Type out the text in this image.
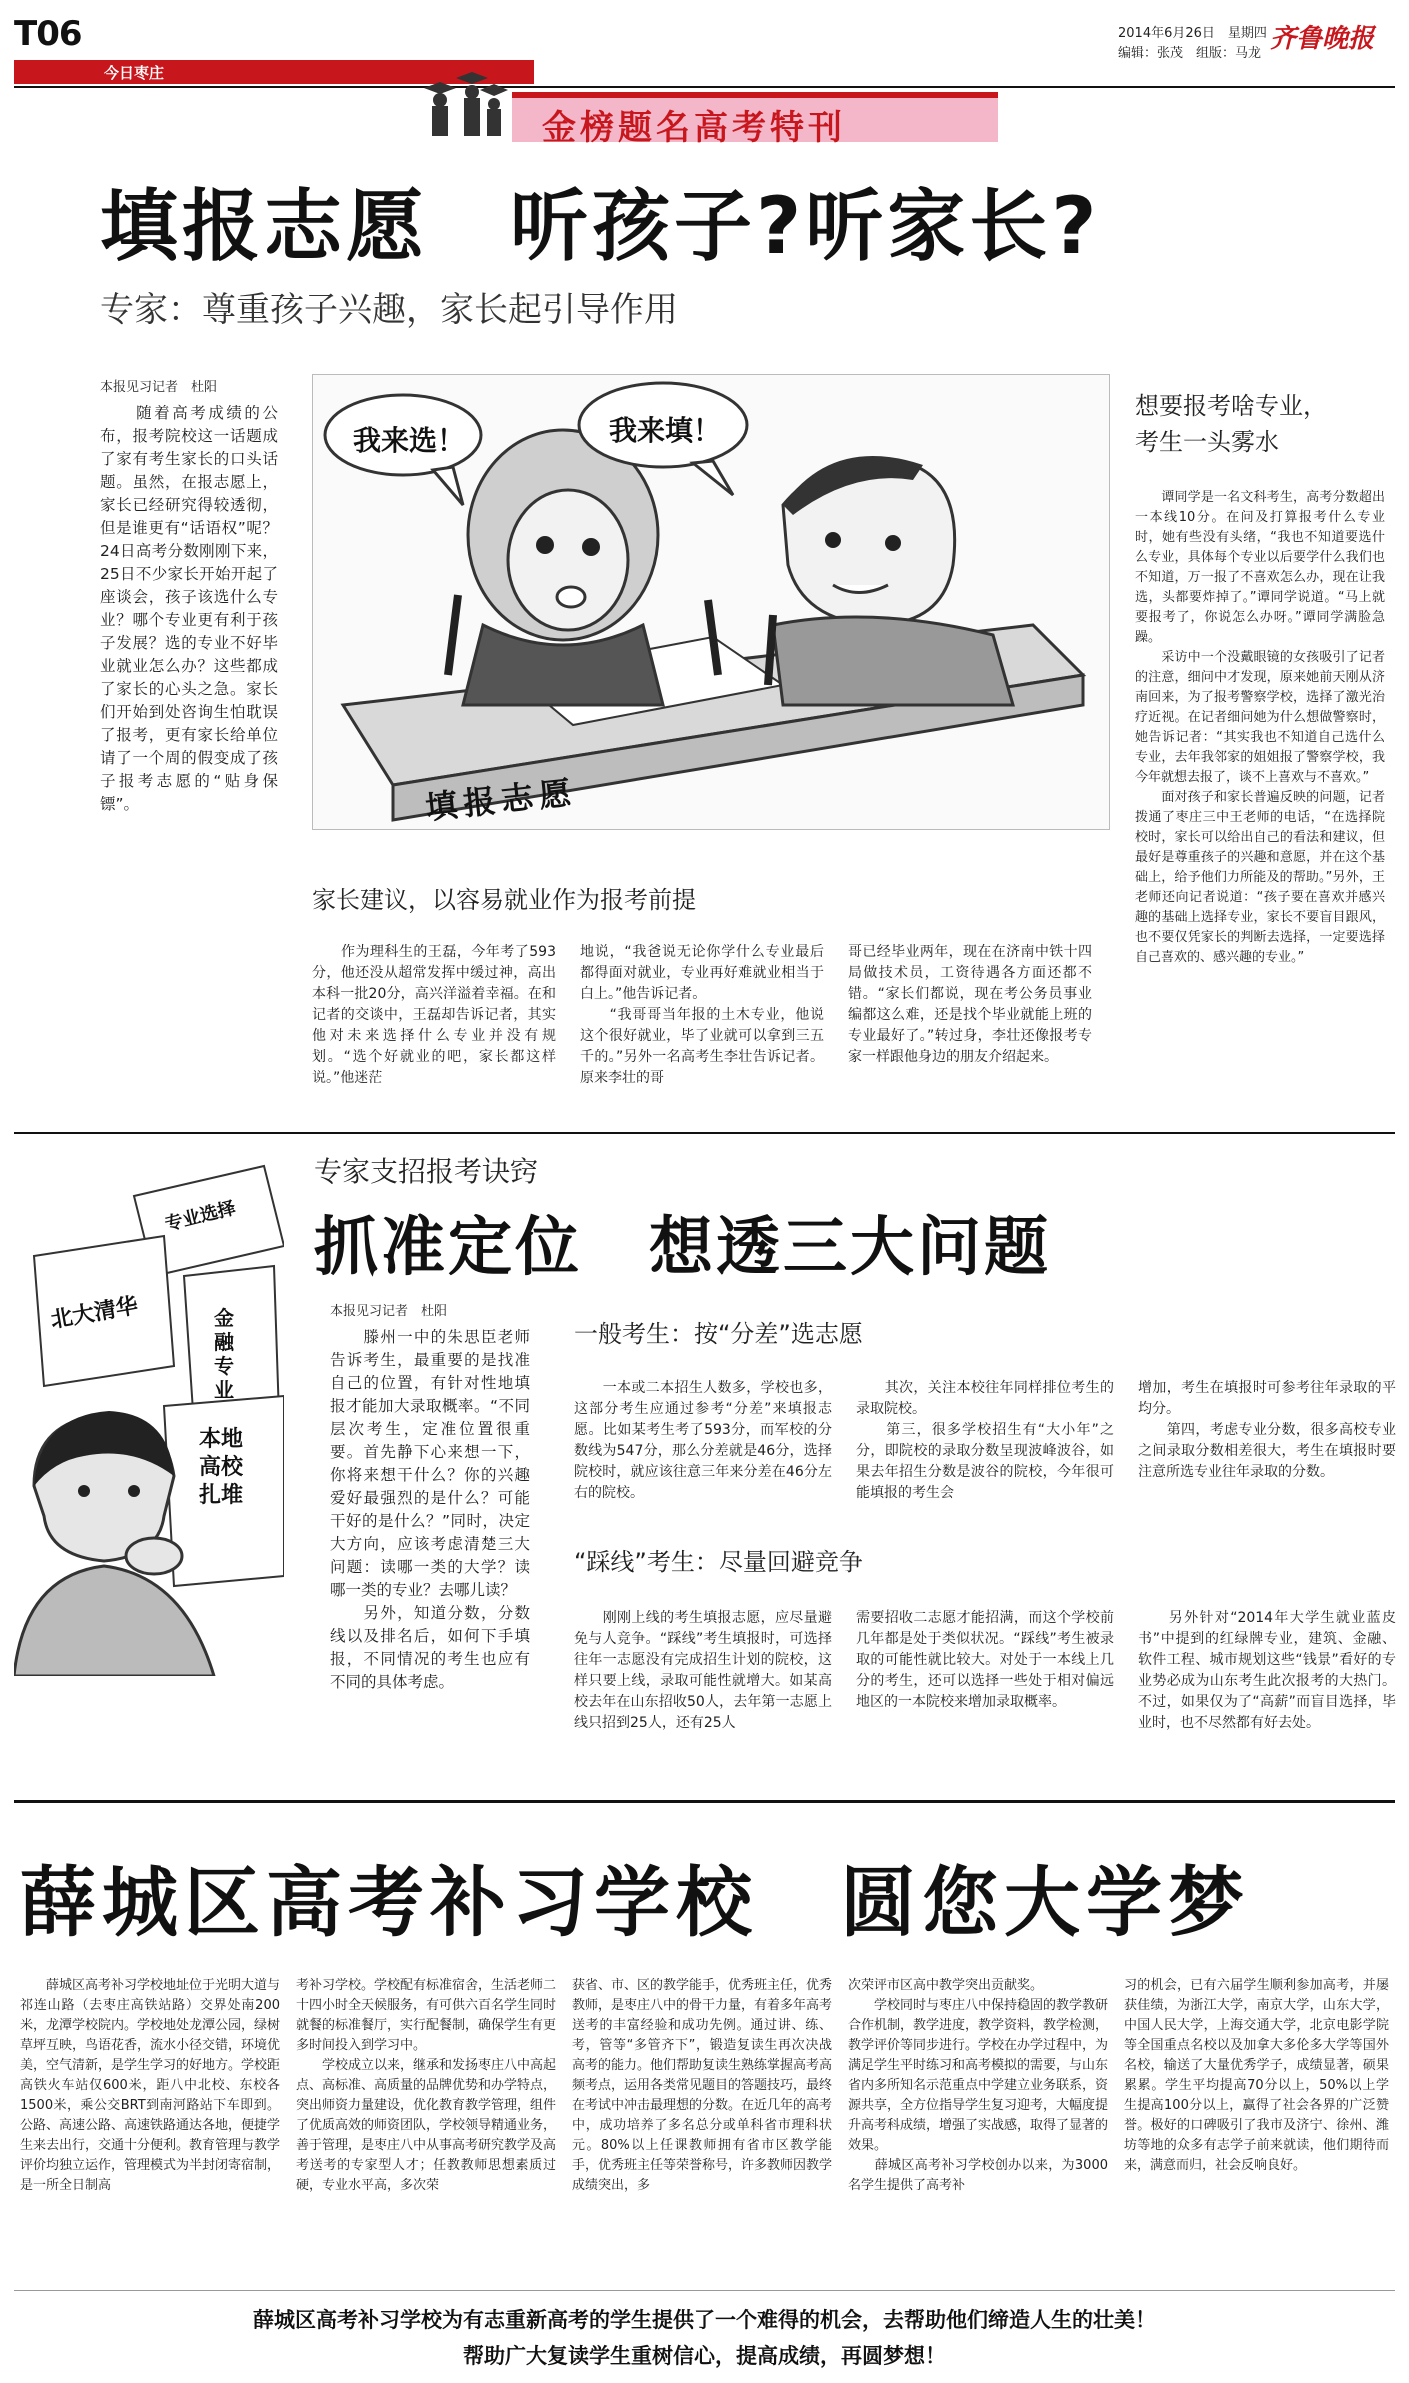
T06
今日枣庄
2014年6月26日　星期四
编辑：张茂　组版：马龙 齐鲁晚报
金榜题名高考特刊
填报志愿　听孩子?听家长?
专家：尊重孩子兴趣，家长起引导作用
本报见习记者　杜阳
　　随着高考成绩的公布，报考院校这一话题成了家有考生家长的口头话题。虽然，在报志愿上，家长已经研究得较透彻，但是谁更有“话语权”呢？24日高考分数刚刚下来，25日不少家长开始开起了座谈会，孩子该选什么专业？哪个专业更有利于孩子发展？选的专业不好毕业就业怎么办？这些都成了家长的心头之急。家长们开始到处咨询生怕耽误了报考，更有家长给单位请了一个周的假变成了孩子报考志愿的“贴身保镖”。
我来选！	我来填！
填报志愿
家长建议，以容易就业作为报考前提
　　作为理科生的王磊，今年考了593分，他还没从超常发挥中缓过神，高出本科一批20分，高兴洋溢着幸福。在和记者的交谈中，王磊却告诉记者，其实他对未来选择什么专业并没有规划。“选个好就业的吧，家长都这样说。”他迷茫
地说，“我爸说无论你学什么专业最后都得面对就业，专业再好难就业相当于白上。”他告诉记者。
　　“我哥哥当年报的土木专业，他说这个很好就业，毕了业就可以拿到三五千的。”另外一名高考生李壮告诉记者。原来李壮的哥
哥已经毕业两年，现在在济南中铁十四局做技术员，工资待遇各方面还都不错。“家长们都说，现在考公务员事业编都这么难，还是找个毕业就能上班的专业最好了。”转过身，李壮还像报考专家一样跟他身边的朋友介绍起来。
想要报考啥专业，
考生一头雾水
　　谭同学是一名文科考生，高考分数超出一本线10分。在问及打算报考什么专业时，她有些没有头绪，“我也不知道要选什么专业，具体每个专业以后要学什么我们也不知道，万一报了不喜欢怎么办，现在让我选，头都要炸掉了。”谭同学说道。“马上就要报考了，你说怎么办呀。”谭同学满脸急躁。
　　采访中一个没戴眼镜的女孩吸引了记者的注意，细问中才发现，原来她前天刚从济南回来，为了报考警察学校，选择了激光治疗近视。在记者细问她为什么想做警察时，她告诉记者：“其实我也不知道自己选什么专业，去年我邻家的姐姐报了警察学校，我今年就想去报了，谈不上喜欢与不喜欢。”
　　面对孩子和家长普遍反映的问题，记者拨通了枣庄三中王老师的电话，“在选择院校时，家长可以给出自己的看法和建议，但最好是尊重孩子的兴趣和意愿，并在这个基础上，给予他们力所能及的帮助。”另外，王老师还向记者说道：“孩子要在喜欢并感兴趣的基础上选择专业，家长不要盲目跟风，也不要仅凭家长的判断去选择，一定要选择自己喜欢的、感兴趣的专业。”
专业选择
北大清华	金融专业
本地高校扎堆
专家支招报考诀窍
抓准定位　想透三大问题
本报见习记者　杜阳
　　滕州一中的朱思臣老师告诉考生，最重要的是找准自己的位置，有针对性地填报才能加大录取概率。“不同层次考生，定准位置很重要。首先静下心来想一下，你将来想干什么？你的兴趣爱好最强烈的是什么？可能干好的是什么？”同时，决定大方向，应该考虑清楚三大问题：读哪一类的大学？读哪一类的专业？去哪儿读？
　　另外，知道分数，分数线以及排名后，如何下手填报，不同情况的考生也应有不同的具体考虑。
一般考生：按“分差”选志愿
　　一本或二本招生人数多，学校也多，这部分考生应通过参考“分差”来填报志愿。比如某考生考了593分，而军校的分数线为547分，那么分差就是46分，选择院校时，就应该往意三年来分差在46分左右的院校。
　　其次，关注本校往年同样排位考生的录取院校。
　　第三，很多学校招生有“大小年”之分，即院校的录取分数呈现波峰波谷，如果去年招生分数是波谷的院校，今年很可能填报的考生会
增加，考生在填报时可参考往年录取的平均分。
　　第四，考虑专业分数，很多高校专业之间录取分数相差很大，考生在填报时要注意所选专业往年录取的分数。
“踩线”考生：尽量回避竞争
　　刚刚上线的考生填报志愿，应尽量避免与人竞争。“踩线”考生填报时，可选择往年一志愿没有完成招生计划的院校，这样只要上线，录取可能性就增大。如某高校去年在山东招收50人，去年第一志愿上线只招到25人，还有25人
需要招收二志愿才能招满，而这个学校前几年都是处于类似状况。“踩线”考生被录取的可能性就比较大。对处于一本线上几分的考生，还可以选择一些处于相对偏远地区的一本院校来增加录取概率。
　　另外针对“2014年大学生就业蓝皮书”中提到的红绿牌专业，建筑、金融、软件工程、城市规划这些“钱景”看好的专业势必成为山东考生此次报考的大热门。不过，如果仅为了“高薪”而盲目选择，毕业时，也不尽然都有好去处。
薛城区高考补习学校　圆您大学梦
　　薛城区高考补习学校地址位于光明大道与祁连山路（去枣庄高铁站路）交界处南200米，龙潭学校院内。学校地处龙潭公园，绿树草坪互映，鸟语花香，流水小径交错，环境优美，空气清新，是学生学习的好地方。学校距高铁火车站仅600米，距八中北校、东校各1500米，乘公交BRT到南河路站下车即到。公路、高速公路、高速铁路通达各地，便捷学生来去出行，交通十分便利。教育管理与教学评价均独立运作，管理模式为半封闭寄宿制，是一所全日制高
考补习学校。学校配有标准宿舍，生活老师二十四小时全天候服务，有可供六百名学生同时就餐的标准餐厅，实行配餐制，确保学生有更多时间投入到学习中。
　　学校成立以来，继承和发扬枣庄八中高起点、高标准、高质量的品牌优势和办学特点，突出师资力量建设，优化教育教学管理，组件了优质高效的师资团队，学校领导精通业务，善于管理，是枣庄八中从事高考研究教学及高考送考的专家型人才；任教教师思想素质过硬，专业水平高，多次荣
获省、市、区的教学能手，优秀班主任，优秀教师，是枣庄八中的骨干力量，有着多年高考送考的丰富经验和成功先例。通过讲、练、考，管等“多管齐下”，锻造复读生再次决战高考的能力。他们帮助复读生熟练掌握高考高频考点，运用各类常见题目的答题技巧，最终在考试中冲击最理想的分数。在近几年的高考中，成功培养了多名总分或单科省市理科状元。80%以上任课教师拥有省市区教学能手，优秀班主任等荣誉称号，许多教师因教学成绩突出，多
次荣评市区高中教学突出贡献奖。
　　学校同时与枣庄八中保持稳固的教学教研合作机制，教学进度，教学资料，教学检测，教学评价等同步进行。学校在办学过程中，为满足学生平时练习和高考模拟的需要，与山东省内多所知名示范重点中学建立业务联系，资源共享，全方位指导学生复习迎考，大幅度提升高考科成绩，增强了实战感，取得了显著的效果。
　　薛城区高考补习学校创办以来，为3000名学生提供了高考补
习的机会，已有六届学生顺利参加高考，并屡获佳绩，为浙江大学，南京大学，山东大学，中国人民大学，上海交通大学，北京电影学院等全国重点名校以及加拿大多伦多大学等国外名校，输送了大量优秀学子，成绩显著，硕果累累。学生平均提高70分以上，50%以上学生提高100分以上，赢得了社会各界的广泛赞誉。极好的口碑吸引了我市及济宁、徐州、潍坊等地的众多有志学子前来就读，他们期待而来，满意而归，社会反响良好。
薛城区高考补习学校为有志重新高考的学生提供了一个难得的机会，去帮助他们缔造人生的壮美！
帮助广大复读学生重树信心，提高成绩，再圆梦想！
